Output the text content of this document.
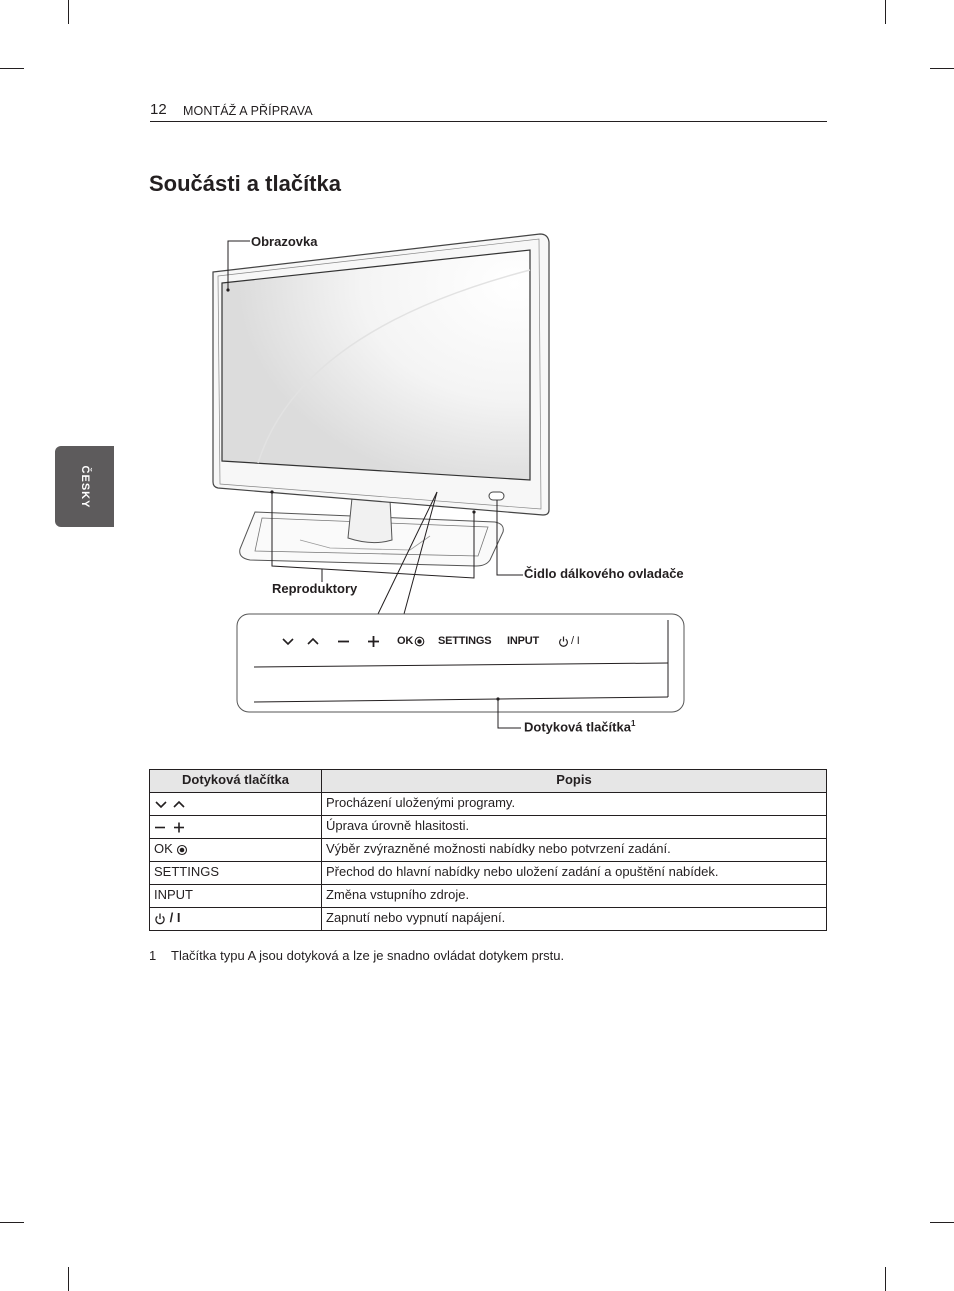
12 MONTÁŽ A PŘÍPRAVA
ČESKY
Součásti a tlačítka
Obrazovka
Reproduktory
Čidlo dálkového ovladače
Dotyková tlačítka$^1$
OK SETTINGS INPUT	/ I
Dotyková tlačítka	Popis
	Procházení uloženými programy.
	Úprava úrovně hlasitosti.
OK	Výběr zvýrazněné možnosti nabídky nebo potvrzení zadání.
SETTINGS	Přechod do hlavní nabídky nebo uložení zadání a opuštění nabídek.
INPUT	Změna vstupního zdroje.
/ I	Zapnutí nebo vypnutí napájení.
1 Tlačítka typu A jsou dotyková a lze je snadno ovládat dotykem prstu.
